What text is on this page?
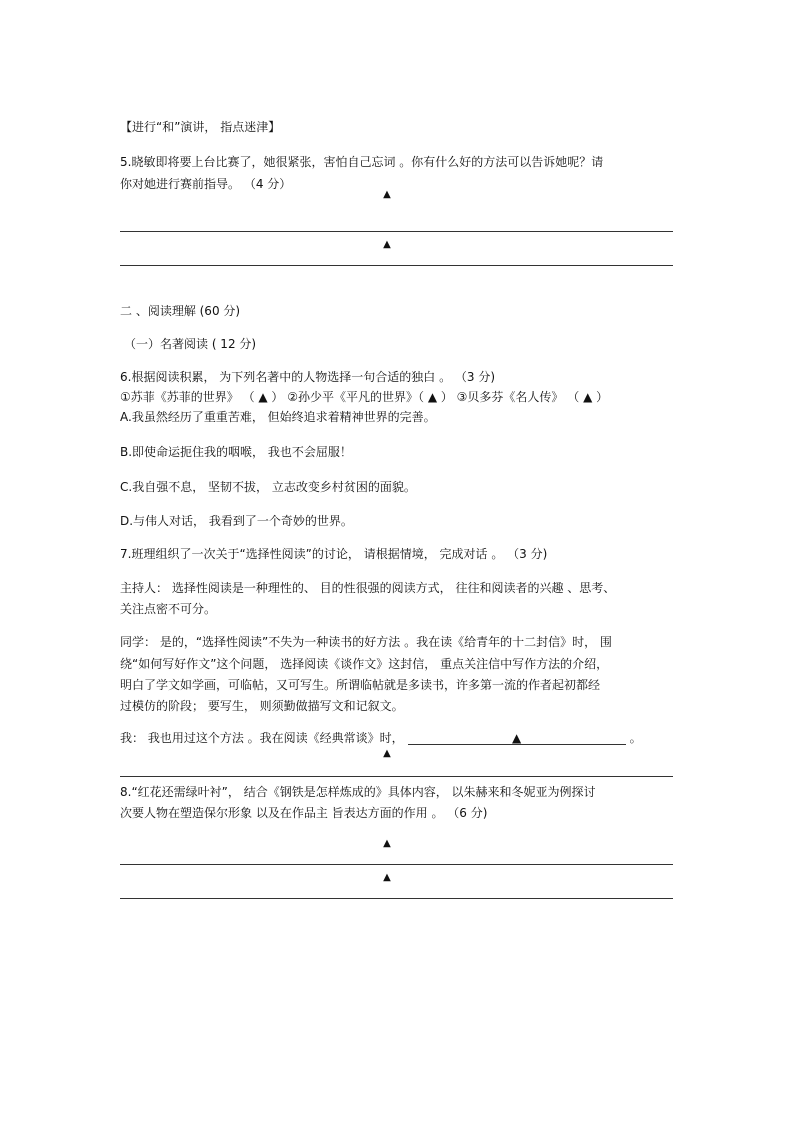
【进行“和”演讲， 指点迷津】
5.晓敏即将要上台比赛了，她很紧张，害怕自己忘词 。你有什么好的方法可以告诉她呢？请
你对她进行赛前指导。 （4 分）
▲
▲
二 、阅读理解 (60 分)
（一）名著阅读 ( 12 分)
6.根据阅读积累， 为下列名著中的人物选择一句合适的独白 。 （3 分)
①苏菲《苏菲的世界》 （ ▲ ） ②孙少平《平凡的世界》（ ▲ ） ③贝多芬《名人传》 （ ▲ ）
A.我虽然经历了重重苦难， 但始终追求着精神世界的完善。
B.即使命运扼住我的咽喉， 我也不会屈服！
C.我自强不息， 坚韧不拔， 立志改变乡村贫困的面貌。
D.与伟人对话， 我看到了一个奇妙的世界。
7.班理组织了一次关于“选择性阅读”的讨论， 请根据情境， 完成对话 。 （3 分)
主持人： 选择性阅读是一种理性的、 目的性很强的阅读方式， 往往和阅读者的兴趣 、思考、
关注点密不可分。
同学： 是的，“选择性阅读”不失为一种读书的好方法 。我在读《给青年的十二封信》时， 围
绕“如何写好作文”这个问题， 选择阅读《谈作文》这封信， 重点关注信中写作方法的介绍，
明白了学文如学画，可临帖，又可写生。所谓临帖就是多读书，许多第一流的作者起初都经
过模仿的阶段； 要写生， 则须勤做描写文和记叙文。
我： 我也用过这个方法 。我在阅读《经典常谈》时，	▲	。
▲
8.“红花还需绿叶衬”， 结合《钢铁是怎样炼成的》具体内容， 以朱赫来和冬妮亚为例探讨
次要人物在塑造保尔形象 以及在作品主 旨表达方面的作用 。 （6 分)
▲
▲
